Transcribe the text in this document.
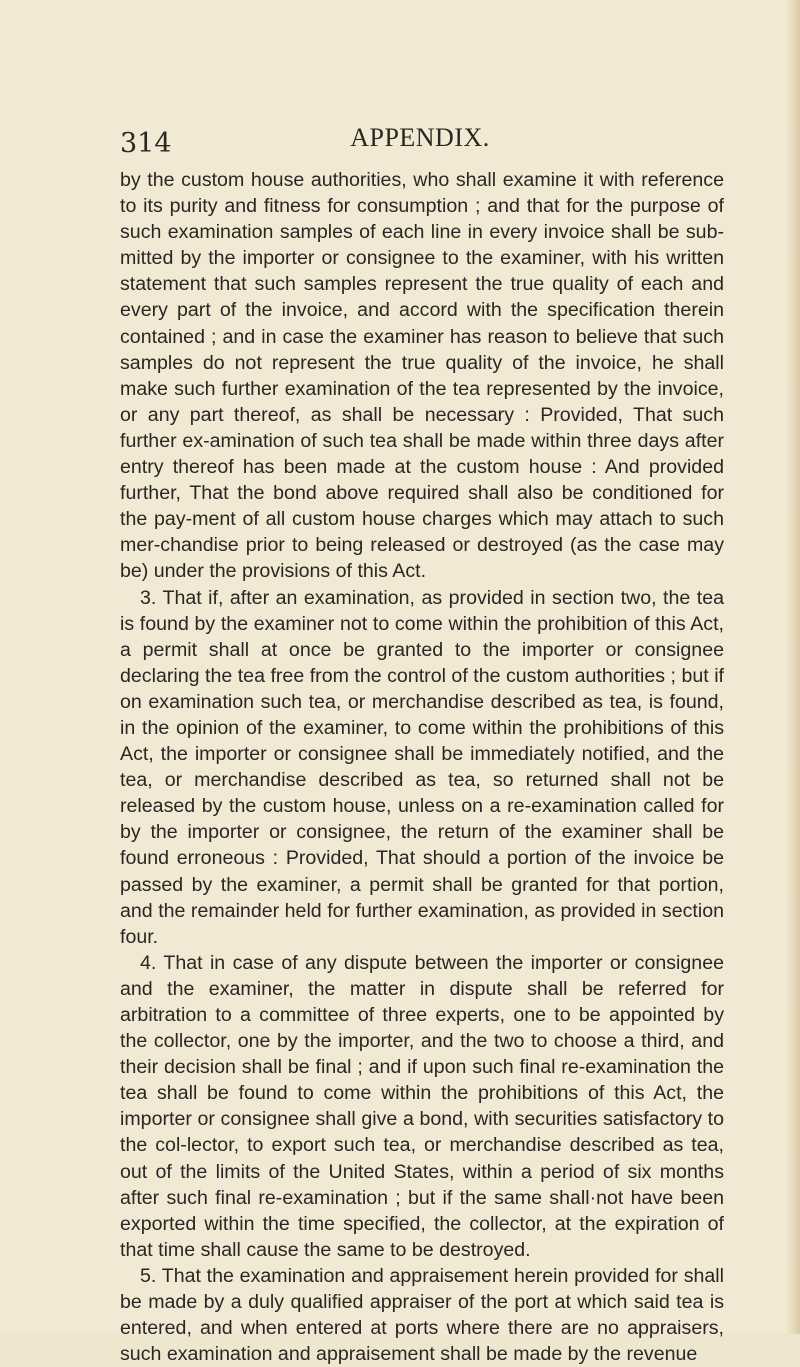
314	APPENDIX.

by the custom house authorities, who shall examine it with reference to its purity and fitness for consumption ; and that for the purpose of such examination samples of each line in every invoice shall be sub-mitted by the importer or consignee to the examiner, with his written statement that such samples represent the true quality of each and every part of the invoice, and accord with the specification therein contained ; and in case the examiner has reason to believe that such samples do not represent the true quality of the invoice, he shall make such further examination of the tea represented by the invoice, or any part thereof, as shall be necessary : Provided, That such further ex-amination of such tea shall be made within three days after entry thereof has been made at the custom house : And provided further, That the bond above required shall also be conditioned for the pay-ment of all custom house charges which may attach to such mer-chandise prior to being released or destroyed (as the case may be) under the provisions of this Act.

3. That if, after an examination, as provided in section two, the tea is found by the examiner not to come within the prohibition of this Act, a permit shall at once be granted to the importer or consignee declaring the tea free from the control of the custom authorities ; but if on examination such tea, or merchandise described as tea, is found, in the opinion of the examiner, to come within the prohibitions of this Act, the importer or consignee shall be immediately notified, and the tea, or merchandise described as tea, so returned shall not be released by the custom house, unless on a re-examination called for by the importer or consignee, the return of the examiner shall be found erroneous : Provided, That should a portion of the invoice be passed by the examiner, a permit shall be granted for that portion, and the remainder held for further examination, as provided in section four.

4. That in case of any dispute between the importer or consignee and the examiner, the matter in dispute shall be referred for arbitration to a committee of three experts, one to be appointed by the collector, one by the importer, and the two to choose a third, and their decision shall be final ; and if upon such final re-examination the tea shall be found to come within the prohibitions of this Act, the importer or consignee shall give a bond, with securities satisfactory to the col-lector, to export such tea, or merchandise described as tea, out of the limits of the United States, within a period of six months after such final re-examination ; but if the same shall·not have been exported within the time specified, the collector, at the expiration of that time shall cause the same to be destroyed.

5. That the examination and appraisement herein provided for shall be made by a duly qualified appraiser of the port at which said tea is entered, and when entered at ports where there are no appraisers, such examination and appraisement shall be made by the revenue
